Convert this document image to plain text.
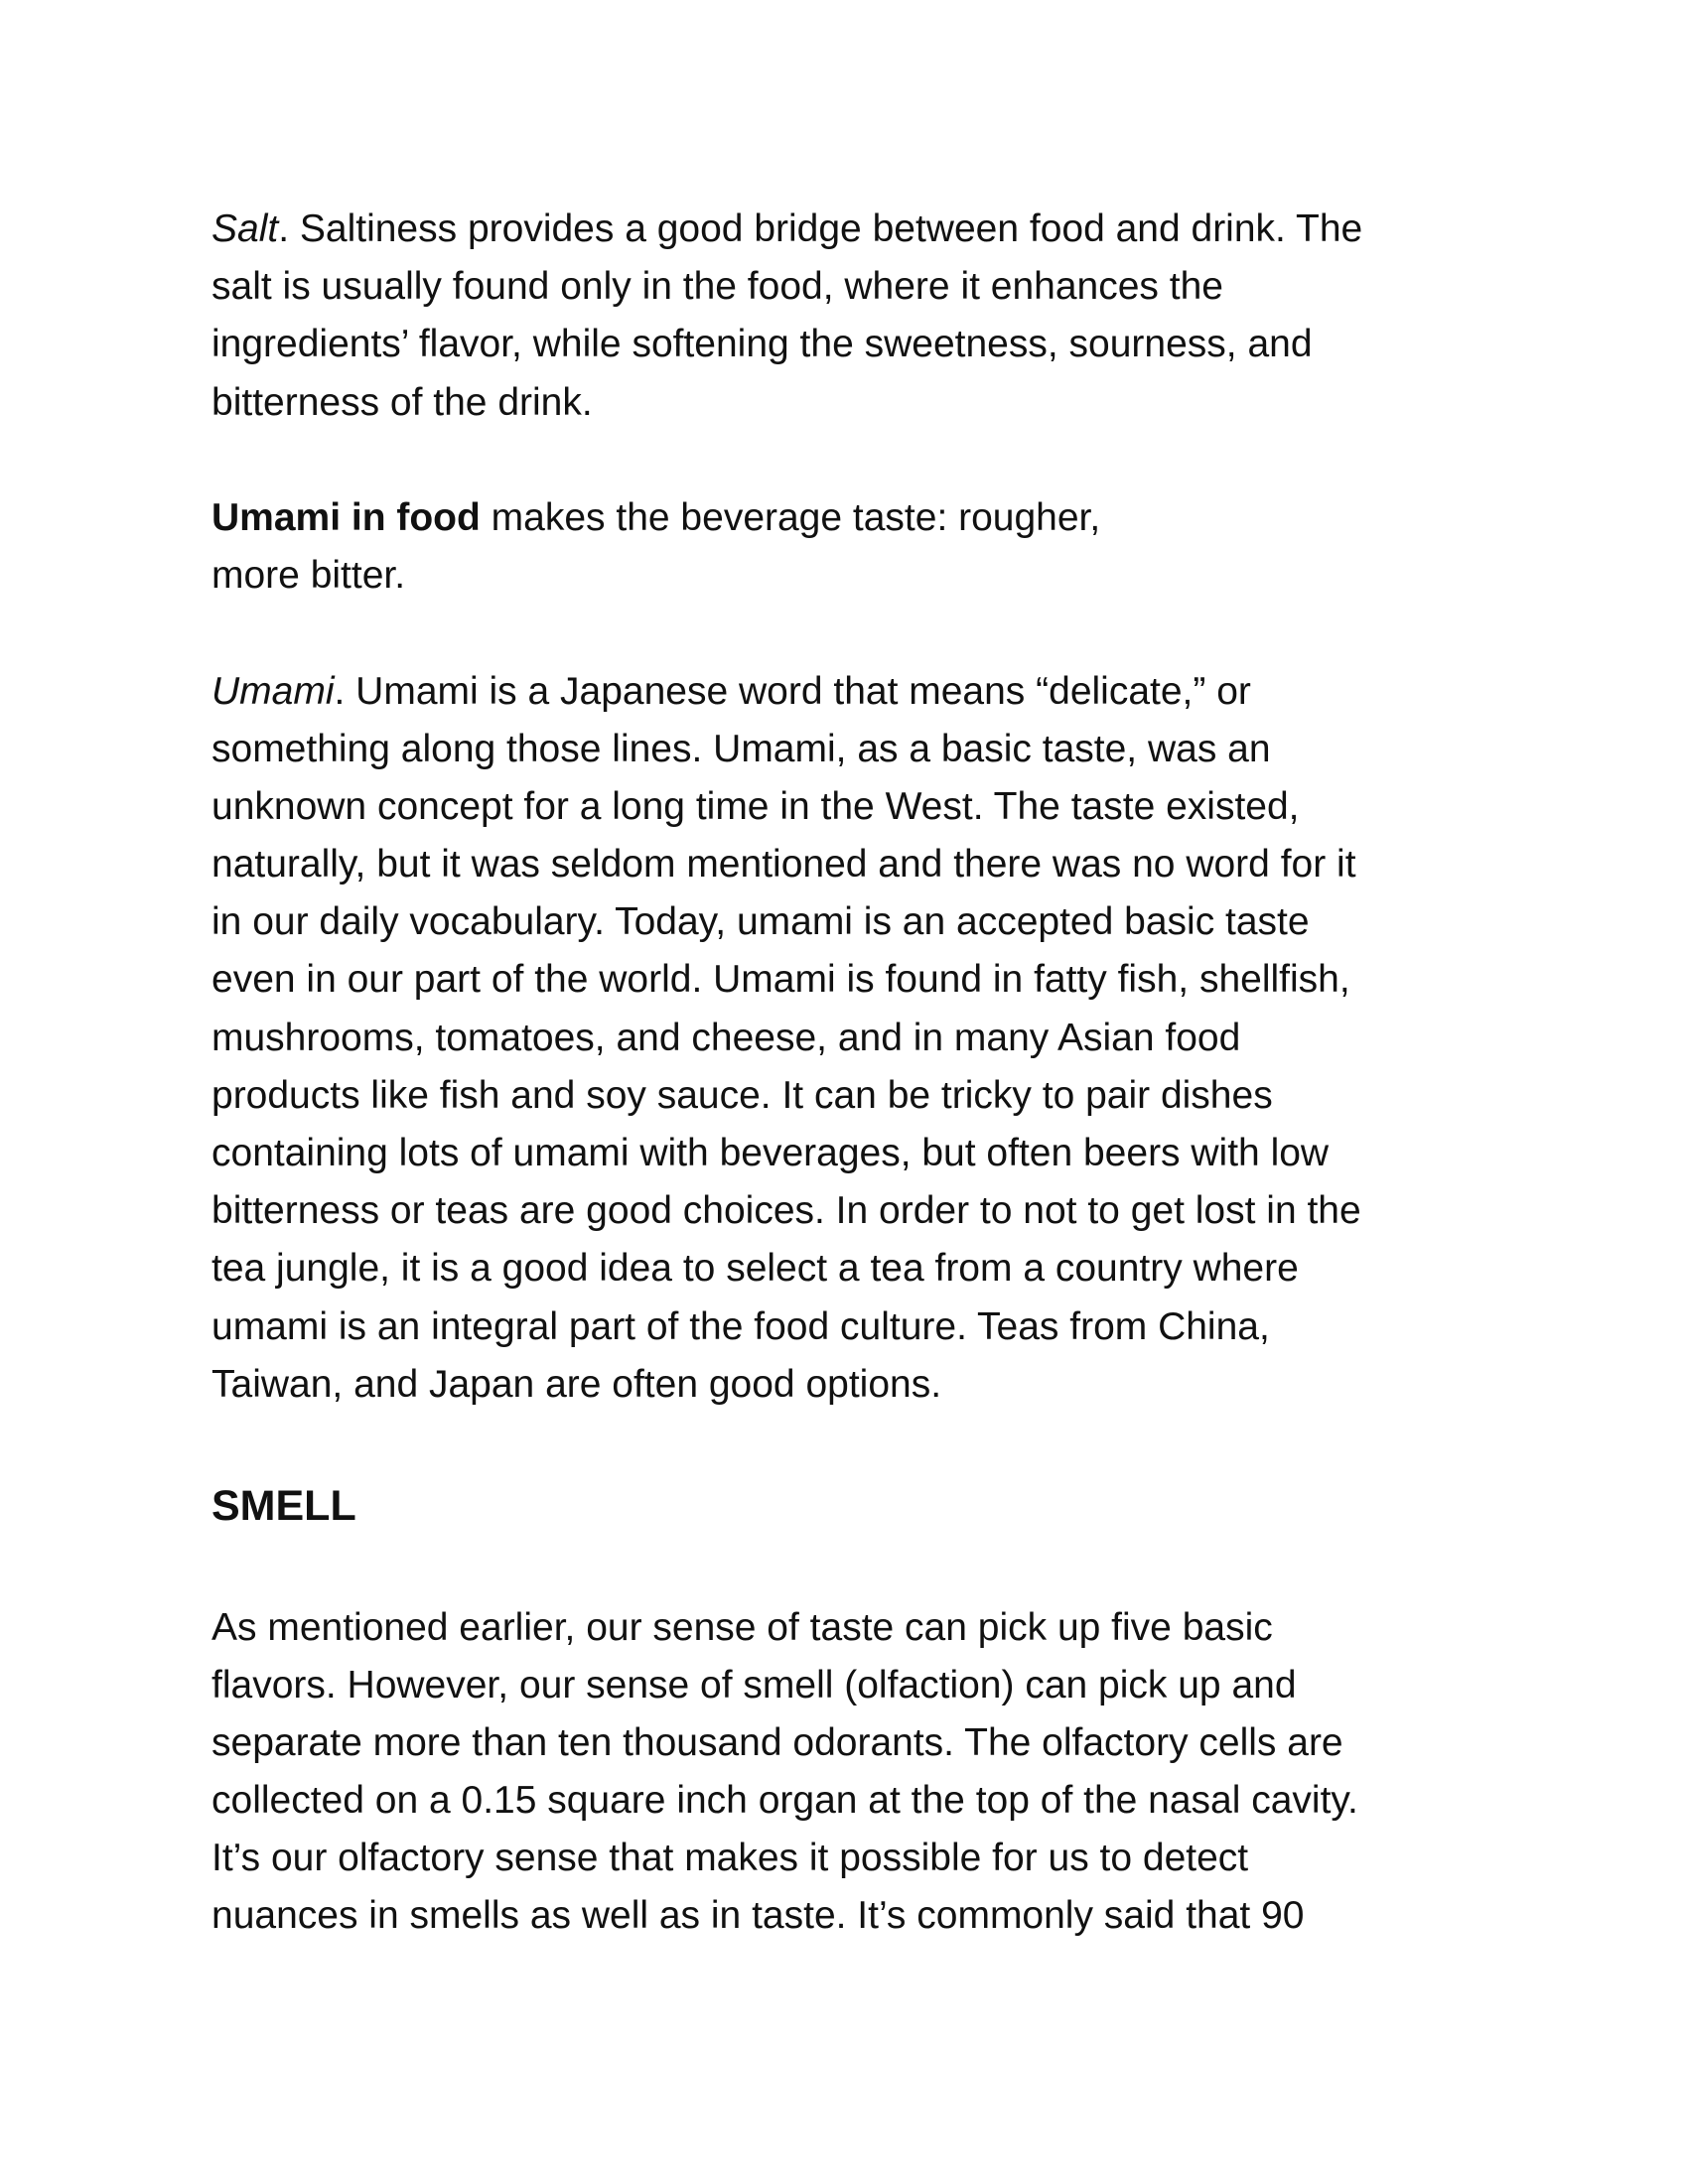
Salt. Saltiness provides a good bridge between food and drink. The
salt is usually found only in the food, where it enhances the
ingredients’ flavor, while softening the sweetness, sourness, and
bitterness of the drink.
Umami in food makes the beverage taste: rougher,
more bitter.
Umami. Umami is a Japanese word that means “delicate,” or
something along those lines. Umami, as a basic taste, was an
unknown concept for a long time in the West. The taste existed,
naturally, but it was seldom mentioned and there was no word for it
in our daily vocabulary. Today, umami is an accepted basic taste
even in our part of the world. Umami is found in fatty fish, shellfish,
mushrooms, tomatoes, and cheese, and in many Asian food
products like fish and soy sauce. It can be tricky to pair dishes
containing lots of umami with beverages, but often beers with low
bitterness or teas are good choices. In order to not to get lost in the
tea jungle, it is a good idea to select a tea from a country where
umami is an integral part of the food culture. Teas from China,
Taiwan, and Japan are often good options.
SMELL
As mentioned earlier, our sense of taste can pick up five basic
flavors. However, our sense of smell (olfaction) can pick up and
separate more than ten thousand odorants. The olfactory cells are
collected on a 0.15 square inch organ at the top of the nasal cavity.
It’s our olfactory sense that makes it possible for us to detect
nuances in smells as well as in taste. It’s commonly said that 90
